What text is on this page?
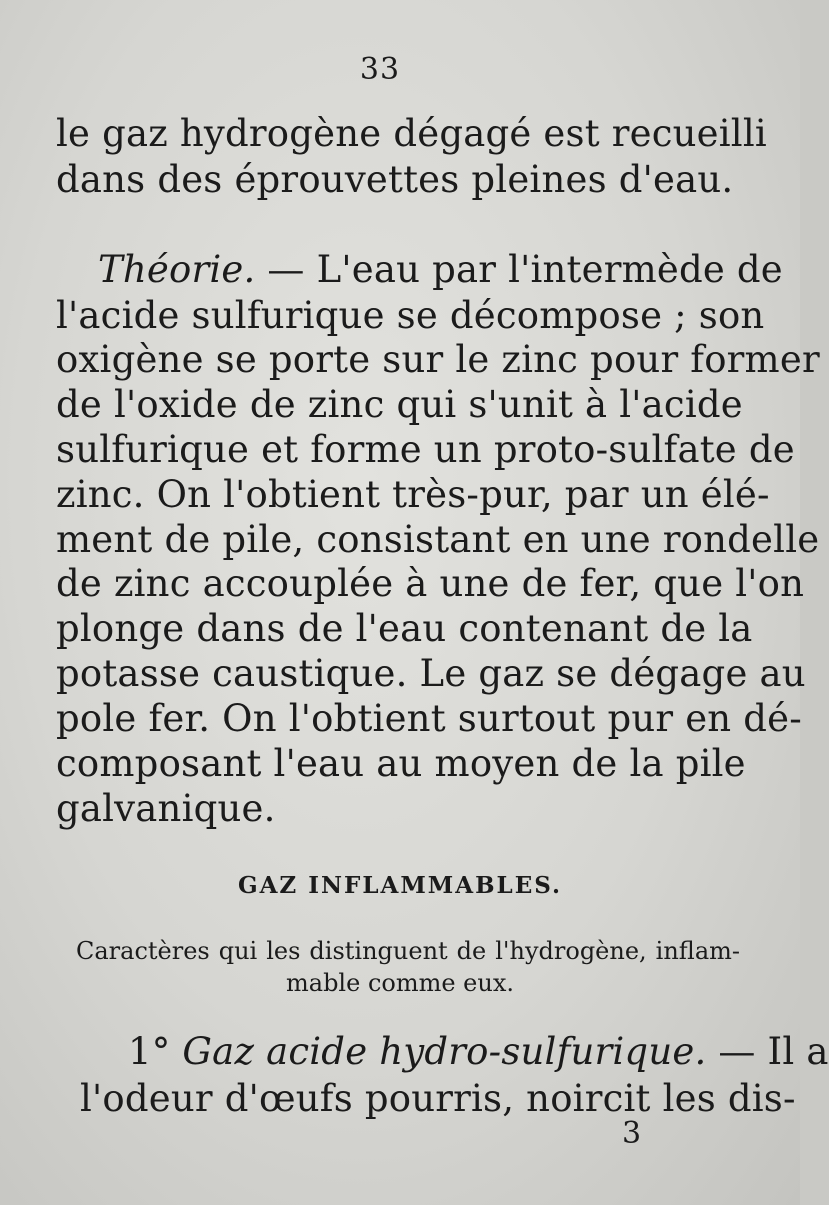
33
le gaz hydrogène dégagé est recueilli
dans des éprouvettes pleines d'eau.
Théorie. — L'eau par l'intermède de
l'acide sulfurique se décompose ; son
oxigène se porte sur le zinc pour former
de l'oxide de zinc qui s'unit à l'acide
sulfurique et forme un proto-sulfate de
zinc. On l'obtient très-pur, par un élé-
ment de pile, consistant en une rondelle
de zinc accouplée à une de fer, que l'on
plonge dans de l'eau contenant de la
potasse caustique. Le gaz se dégage au
pole fer. On l'obtient surtout pur en dé-
composant l'eau au moyen de la pile
galvanique.
GAZ INFLAMMABLES.
Caractères qui les distinguent de l'hydrogène, inflam-
mable comme eux.
1° Gaz acide hydro-sulfurique. — Il a
l'odeur d'œufs pourris, noircit les dis-
3
